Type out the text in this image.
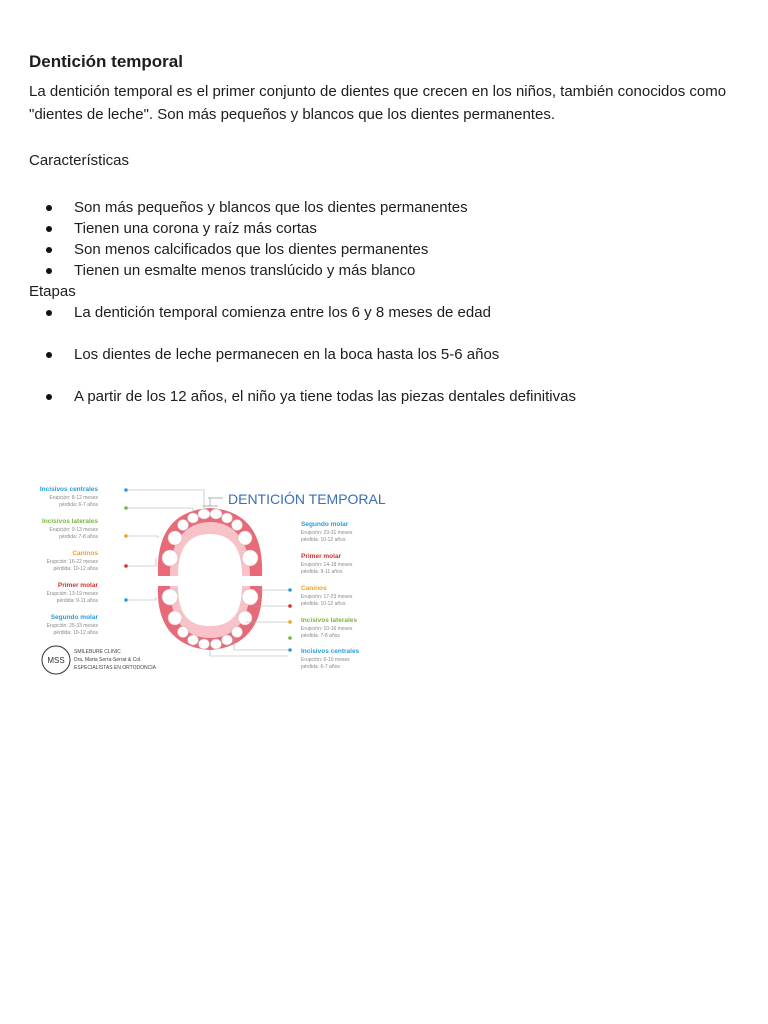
Dentición temporal

La dentición temporal es el primer conjunto de dientes que crecen en los niños, también conocidos como "dientes de leche". Son más pequeños y blancos que los dientes permanentes.

Características

Son más pequeños y blancos que los dientes permanentes
Tienen una corona y raíz más cortas
Son menos calcificados que los dientes permanentes
Tienen un esmalte menos translúcido y más blanco

Etapas

La dentición temporal comienza entre los 6 y 8 meses de edad
Los dientes de leche permanecen en la boca hasta los 5-6 años
A partir de los 12 años, el niño ya tiene todas las piezas dentales definitivas
DENTICIÓN TEMPORAL
Incisivos centrales
Erupción: 8-12 meses
pérdida: 6-7 años
Incisivos laterales
Erupción: 9-13 meses
pérdida: 7-8 años
Caninos
Erupción: 16-22 meses
pérdida: 10-12 años
Primer molar
Erupción: 13-19 meses
pérdida: 9-11 años
Segundo molar
Erupción: 25-33 meses
pérdida: 10-12 años
Segundo molar
Erupción: 23-31 meses
pérdida: 10-12 años
Primer molar
Erupción: 14-18 meses
pérdida: 9-11 años
Caninos
Erupción: 17-23 meses
pérdida: 10-12 años
Incisivos laterales
Erupción: 10-16 meses
pérdida: 7-8 años
Incisivos centrales
Erupción: 6-10 meses
pérdida: 6-7 años
MSS
SMILEBURE CLINIC
Dra. Marta Serra-Serrat & Col.
ESPECIALISTAS EN ORTODONCIA
